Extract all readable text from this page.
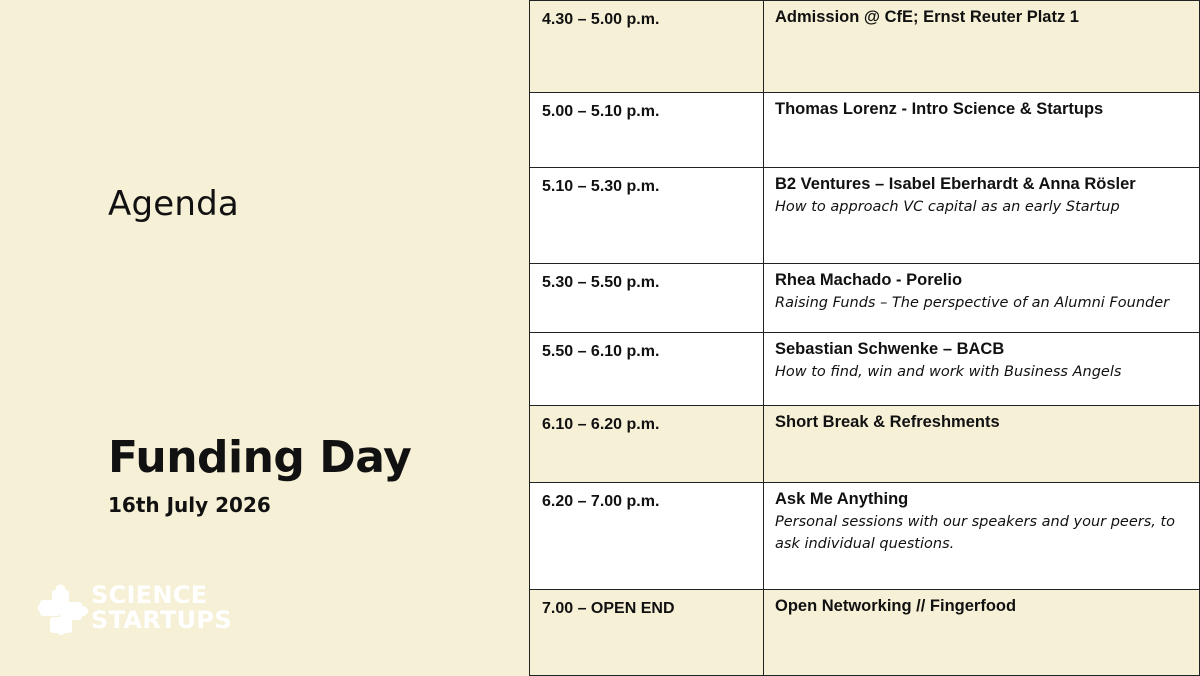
Agenda
Funding Day
16th July 2026
SCIENCE
STARTUPS
4.30 – 5.00 p.m.	Admission @ CfE; Ernst Reuter Platz 1

5.00 – 5.10 p.m.	Thomas Lorenz - Intro Science & Startups

5.10 – 5.30 p.m.	B2 Ventures – Isabel Eberhardt & Anna Rösler
How to approach VC capital as an early Startup

5.30 – 5.50 p.m.	Rhea Machado - Porelio
Raising Funds – The perspective of an Alumni Founder

5.50 – 6.10 p.m.	Sebastian Schwenke – BACB
How to find, win and work with Business Angels

6.10 – 6.20 p.m.	Short Break & Refreshments

6.20 – 7.00 p.m.	Ask Me Anything
Personal sessions with our speakers and your peers, to ask individual questions.

7.00 – OPEN END	Open Networking // Fingerfood
